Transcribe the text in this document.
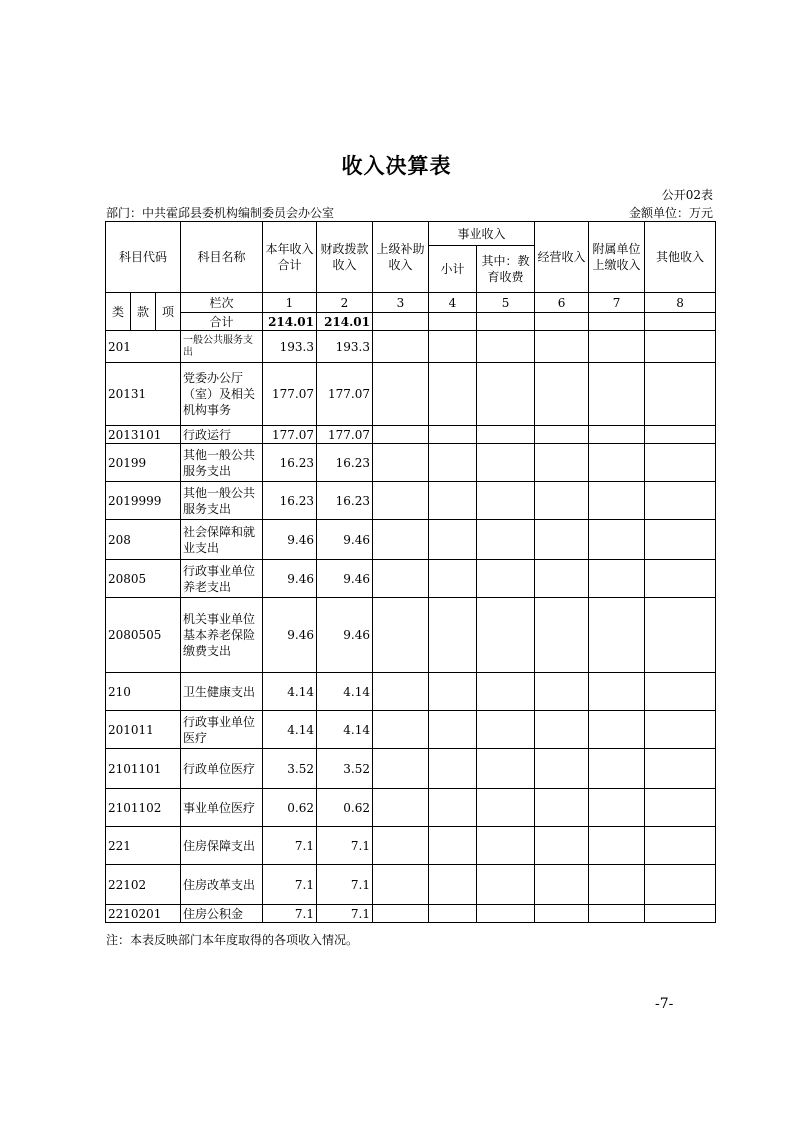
收入决算表
公开02表
部门：中共霍邱县委机构编制委员会办公室	金额单位：万元
科目代码			科目名称	本年收入合计	财政拨款收入	上级补助收入	事业收入		经营收入	附属单位上缴收入	其他收入
							小计	其中：教育收费			
类	款	项	栏次	1	2	3	4	5	6	7	8
			合计	214.01	214.01						
201			一般公共服务支出	193.3	193.3						
20131			党委办公厅（室）及相关机构事务	177.07	177.07						
2013101			行政运行	177.07	177.07						
20199			其他一般公共服务支出	16.23	16.23						
2019999			其他一般公共服务支出	16.23	16.23						
208			社会保障和就业支出	9.46	9.46						
20805			行政事业单位养老支出	9.46	9.46						
2080505			机关事业单位基本养老保险缴费支出	9.46	9.46						
210			卫生健康支出	4.14	4.14						
201011			行政事业单位医疗	4.14	4.14						
2101101			行政单位医疗	3.52	3.52						
2101102			事业单位医疗	0.62	0.62						
221			住房保障支出	7.1	7.1						
22102			住房改革支出	7.1	7.1						
2210201			住房公积金	7.1	7.1						
注：本表反映部门本年度取得的各项收入情况。
-7-
